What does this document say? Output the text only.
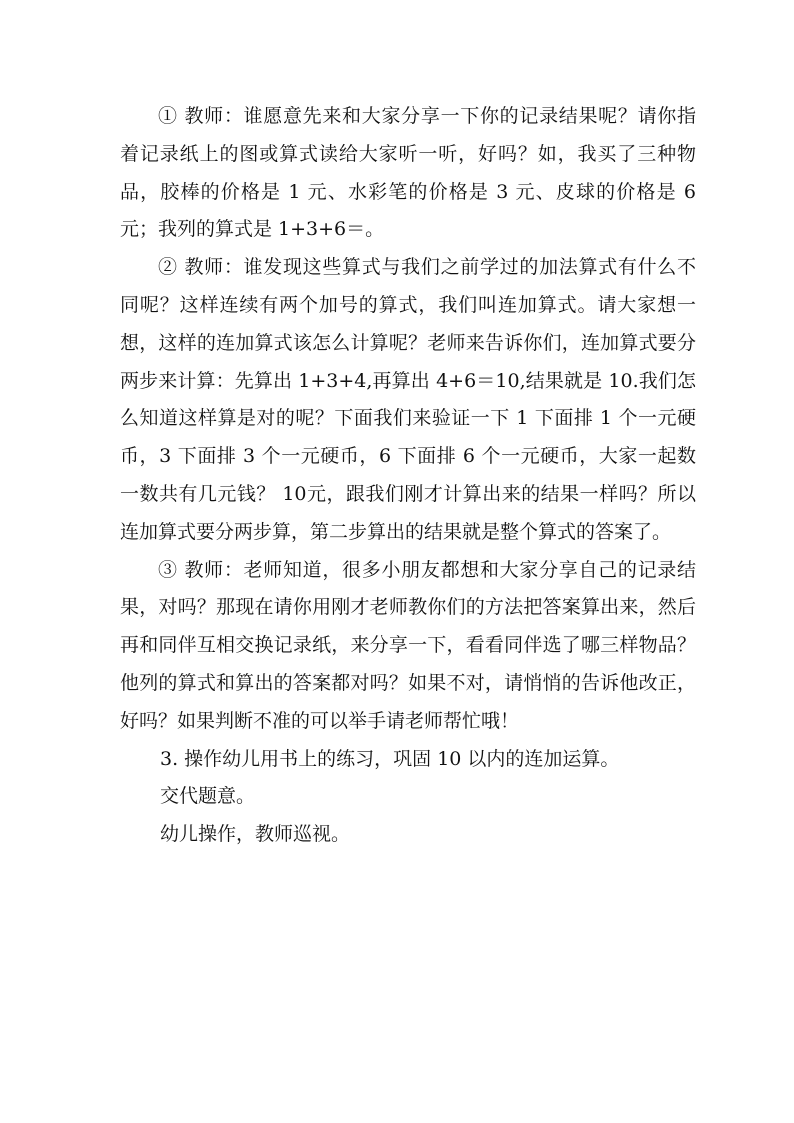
① 教师：谁愿意先来和大家分享一下你的记录结果呢？请你指着记录纸上的图或算式读给大家听一听，好吗？如，我买了三种物品，胶棒的价格是 1 元、水彩笔的价格是 3 元、皮球的价格是 6 元；我列的算式是 1+3+6＝。

② 教师：谁发现这些算式与我们之前学过的加法算式有什么不同呢？这样连续有两个加号的算式，我们叫连加算式。请大家想一想，这样的连加算式该怎么计算呢？老师来告诉你们，连加算式要分两步来计算：先算出 1+3+4,再算出 4+6＝10,结果就是 10.我们怎么知道这样算是对的呢？下面我们来验证一下 1 下面排 1 个一元硬币，3 下面排 3 个一元硬币，6 下面排 6 个一元硬币，大家一起数一数共有几元钱？ 10元，跟我们刚才计算出来的结果一样吗？所以连加算式要分两步算，第二步算出的结果就是整个算式的答案了。

③ 教师：老师知道，很多小朋友都想和大家分享自己的记录结果，对吗？那现在请你用刚才老师教你们的方法把答案算出来，然后再和同伴互相交换记录纸，来分享一下，看看同伴选了哪三样物品？他列的算式和算出的答案都对吗？如果不对，请悄悄的告诉他改正，好吗？如果判断不准的可以举手请老师帮忙哦！

3. 操作幼儿用书上的练习，巩固 10 以内的连加运算。

交代题意。

幼儿操作，教师巡视。
